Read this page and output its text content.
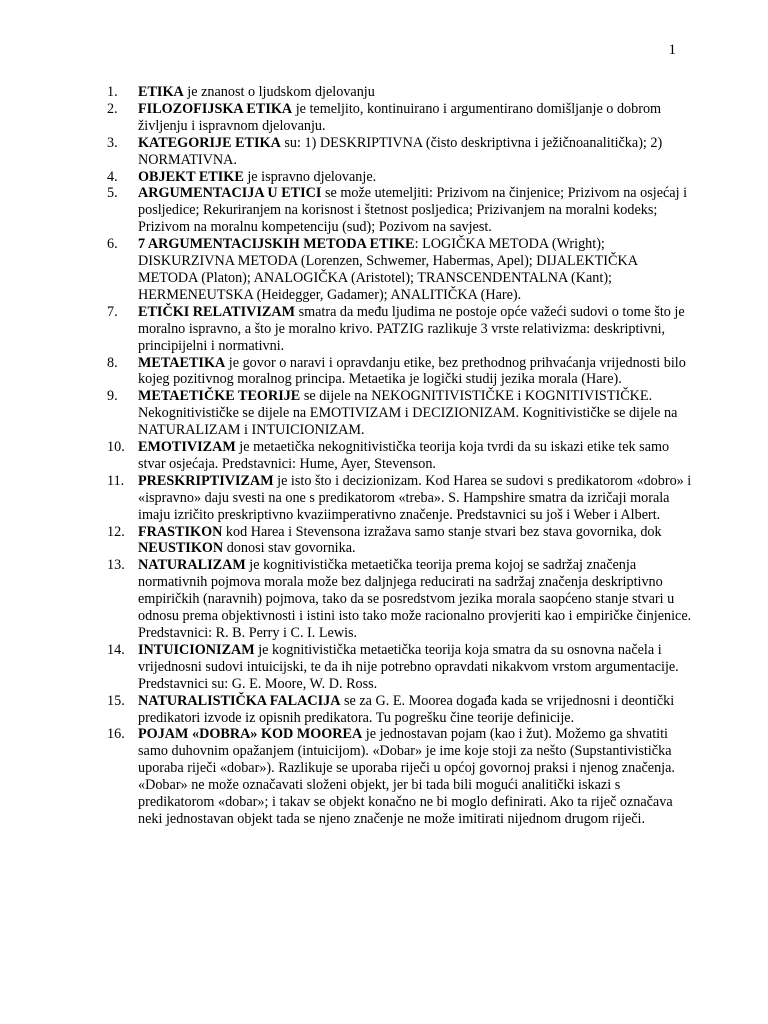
1
1.	ETIKA je znanost o ljudskom djelovanju
2.	FILOZOFIJSKA ETIKA je temeljito, kontinuirano i argumentirano domišljanje o dobrom življenju i ispravnom djelovanju.
3.	KATEGORIJE ETIKA su: 1) DESKRIPTIVNA (čisto deskriptivna i ježičnoanalitička); 2) NORMATIVNA.
4.	OBJEKT ETIKE je ispravno djelovanje.
5.	ARGUMENTACIJA U ETICI se može utemeljiti: Prizivom na činjenice; Prizivom na osjećaj i posljedice; Rekuriranjem na korisnost i štetnost posljedica; Prizivanjem na moralni kodeks; Prizivom na moralnu kompetenciju (sud); Pozivom na savjest.
6.	7 ARGUMENTACIJSKIH METODA ETIKE: LOGIČKA METODA (Wright); DISKURZIVNA METODA (Lorenzen, Schwemer, Habermas, Apel); DIJALEKTIČKA METODA (Platon); ANALOGIČKA (Aristotel); TRANSCENDENTALNA (Kant); HERMENEUTSKA (Heidegger, Gadamer); ANALITIČKA (Hare).
7.	ETIČKI RELATIVIZAM smatra da među ljudima ne postoje opće važeći sudovi o tome što je moralno ispravno, a što je moralno krivo. PATZIG razlikuje 3 vrste relativizma: deskriptivni, principijelni i normativni.
8.	METAETIKA je govor o naravi i opravdanju etike, bez prethodnog prihvaćanja vrijednosti bilo kojeg pozitivnog moralnog principa. Metaetika je logički studij jezika morala (Hare).
9.	METAETIČKE TEORIJE se dijele na NEKOGNITIVISTIČKE i KOGNITIVISTIČKE. Nekognitivističke se dijele na EMOTIVIZAM i DECIZIONIZAM. Kognitivističke se dijele na NATURALIZAM i INTUICIONIZAM.
10. EMOTIVIZAM je metaetička nekognitivistička teorija koja tvrdi da su iskazi etike tek samo stvar osjećaja. Predstavnici: Hume, Ayer, Stevenson.
11. PRESKRIPTIVIZAM je isto što i decizionizam. Kod Harea se sudovi s predikatorom «dobro» i «ispravno» daju svesti na one s predikatorom «treba». S. Hampshire smatra da izričaji morala imaju izričito preskriptivno kvaziimperativno značenje. Predstavnici su još i Weber i Albert.
12. FRASTIKON kod Harea i Stevensona izražava samo stanje stvari bez stava govornika, dok NEUSTIKON donosi stav govornika.
13. NATURALIZAM je kognitivistička metaetička teorija prema kojoj se sadržaj značenja normativnih pojmova morala može bez daljnjega reducirati na sadržaj značenja deskriptivno empiričkih (naravnih) pojmova, tako da se posredstvom jezika morala saopćeno stanje stvari u odnosu prema objektivnosti i istini isto tako može racionalno provjeriti kao i empiričke činjenice. Predstavnici: R. B. Perry i C. I. Lewis.
14. INTUICIONIZAM je kognitivistička metaetička teorija koja smatra da su osnovna načela i vrijednosni sudovi intuicijski, te da ih nije potrebno opravdati nikakvom vrstom argumentacije. Predstavnici su: G. E. Moore, W. D. Ross.
15. NATURALISTIČKA FALACIJA se za G. E. Moorea događa kada se vrijednosni i deontički predikatori izvode iz opisnih predikatora. Tu pogrešku čine teorije definicije.
16. POJAM «DOBRA» KOD MOOREA je jednostavan pojam (kao i žut). Možemo ga shvatiti samo duhovnim opažanjem (intuicijom). «Dobar» je ime koje stoji za nešto (Supstantivistička uporaba riječi «dobar»). Razlikuje se uporaba riječi u općoj govornoj praksi i njenog značenja. «Dobar» ne može označavati složeni objekt, jer bi tada bili mogući analitički iskazi s predikatorom «dobar»; i takav se objekt konačno ne bi moglo definirati. Ako ta riječ označava neki jednostavan objekt tada se njeno značenje ne može imitirati nijednom drugom riječi.
